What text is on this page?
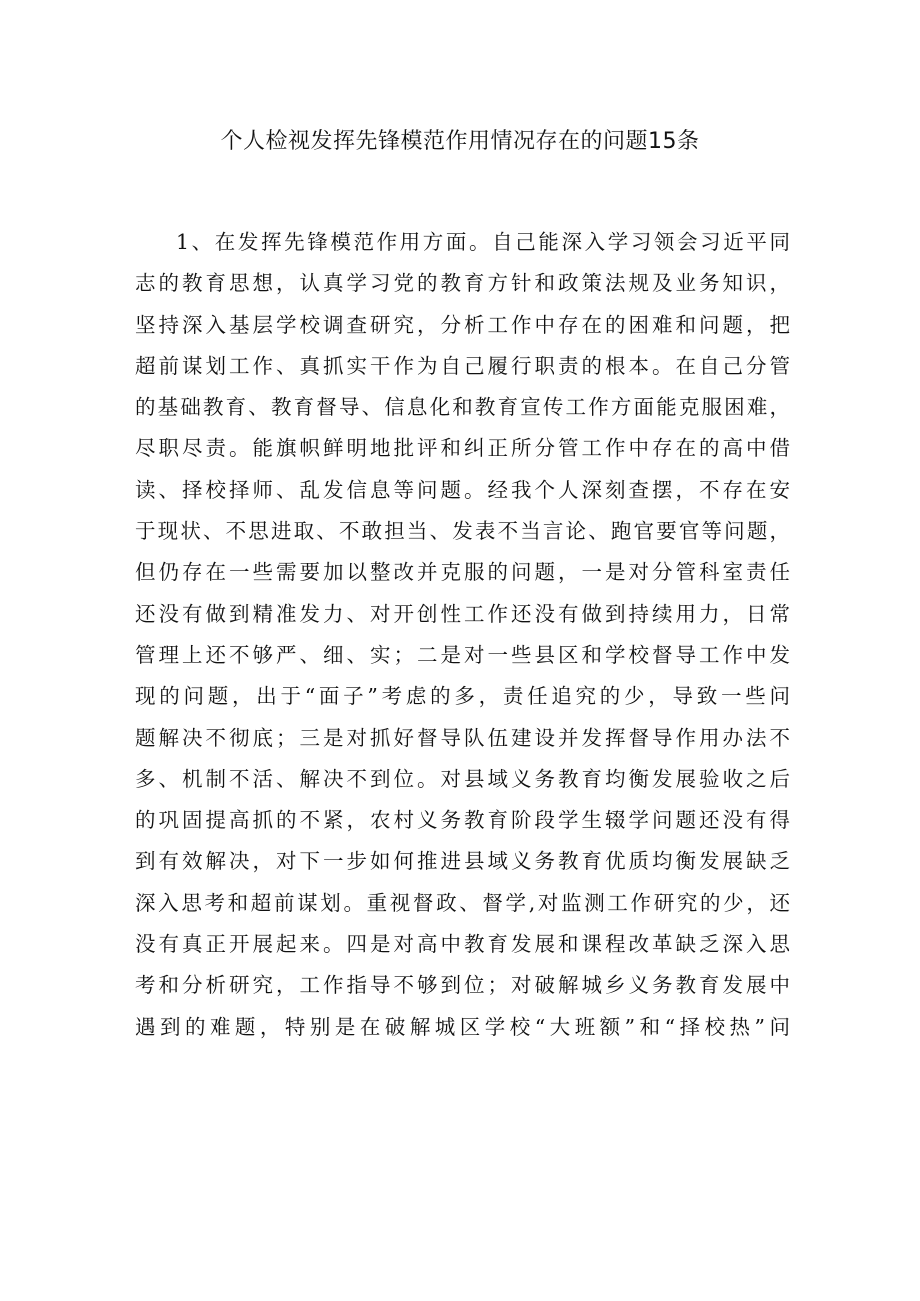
个人检视发挥先锋模范作用情况存在的问题15条
1、在发挥先锋模范作用方面。自己能深入学习领会习近平同
志的教育思想，认真学习党的教育方针和政策法规及业务知识，
坚持深入基层学校调查研究，分析工作中存在的困难和问题，把
超前谋划工作、真抓实干作为自己履行职责的根本。在自己分管
的基础教育、教育督导、信息化和教育宣传工作方面能克服困难，
尽职尽责。能旗帜鲜明地批评和纠正所分管工作中存在的高中借
读、择校择师、乱发信息等问题。经我个人深刻查摆，不存在安
于现状、不思进取、不敢担当、发表不当言论、跑官要官等问题，
但仍存在一些需要加以整改并克服的问题，一是对分管科室责任
还没有做到精准发力、对开创性工作还没有做到持续用力，日常
管理上还不够严、细、实；二是对一些县区和学校督导工作中发
现的问题，出于“面子”考虑的多，责任追究的少，导致一些问
题解决不彻底；三是对抓好督导队伍建设并发挥督导作用办法不
多、机制不活、解决不到位。对县域义务教育均衡发展验收之后
的巩固提高抓的不紧，农村义务教育阶段学生辍学问题还没有得
到有效解决，对下一步如何推进县域义务教育优质均衡发展缺乏
深入思考和超前谋划。重视督政、督学,对监测工作研究的少，还
没有真正开展起来。四是对高中教育发展和课程改革缺乏深入思
考和分析研究，工作指导不够到位；对破解城乡义务教育发展中
遇到的难题，特别是在破解城区学校“大班额”和“择校热”问
